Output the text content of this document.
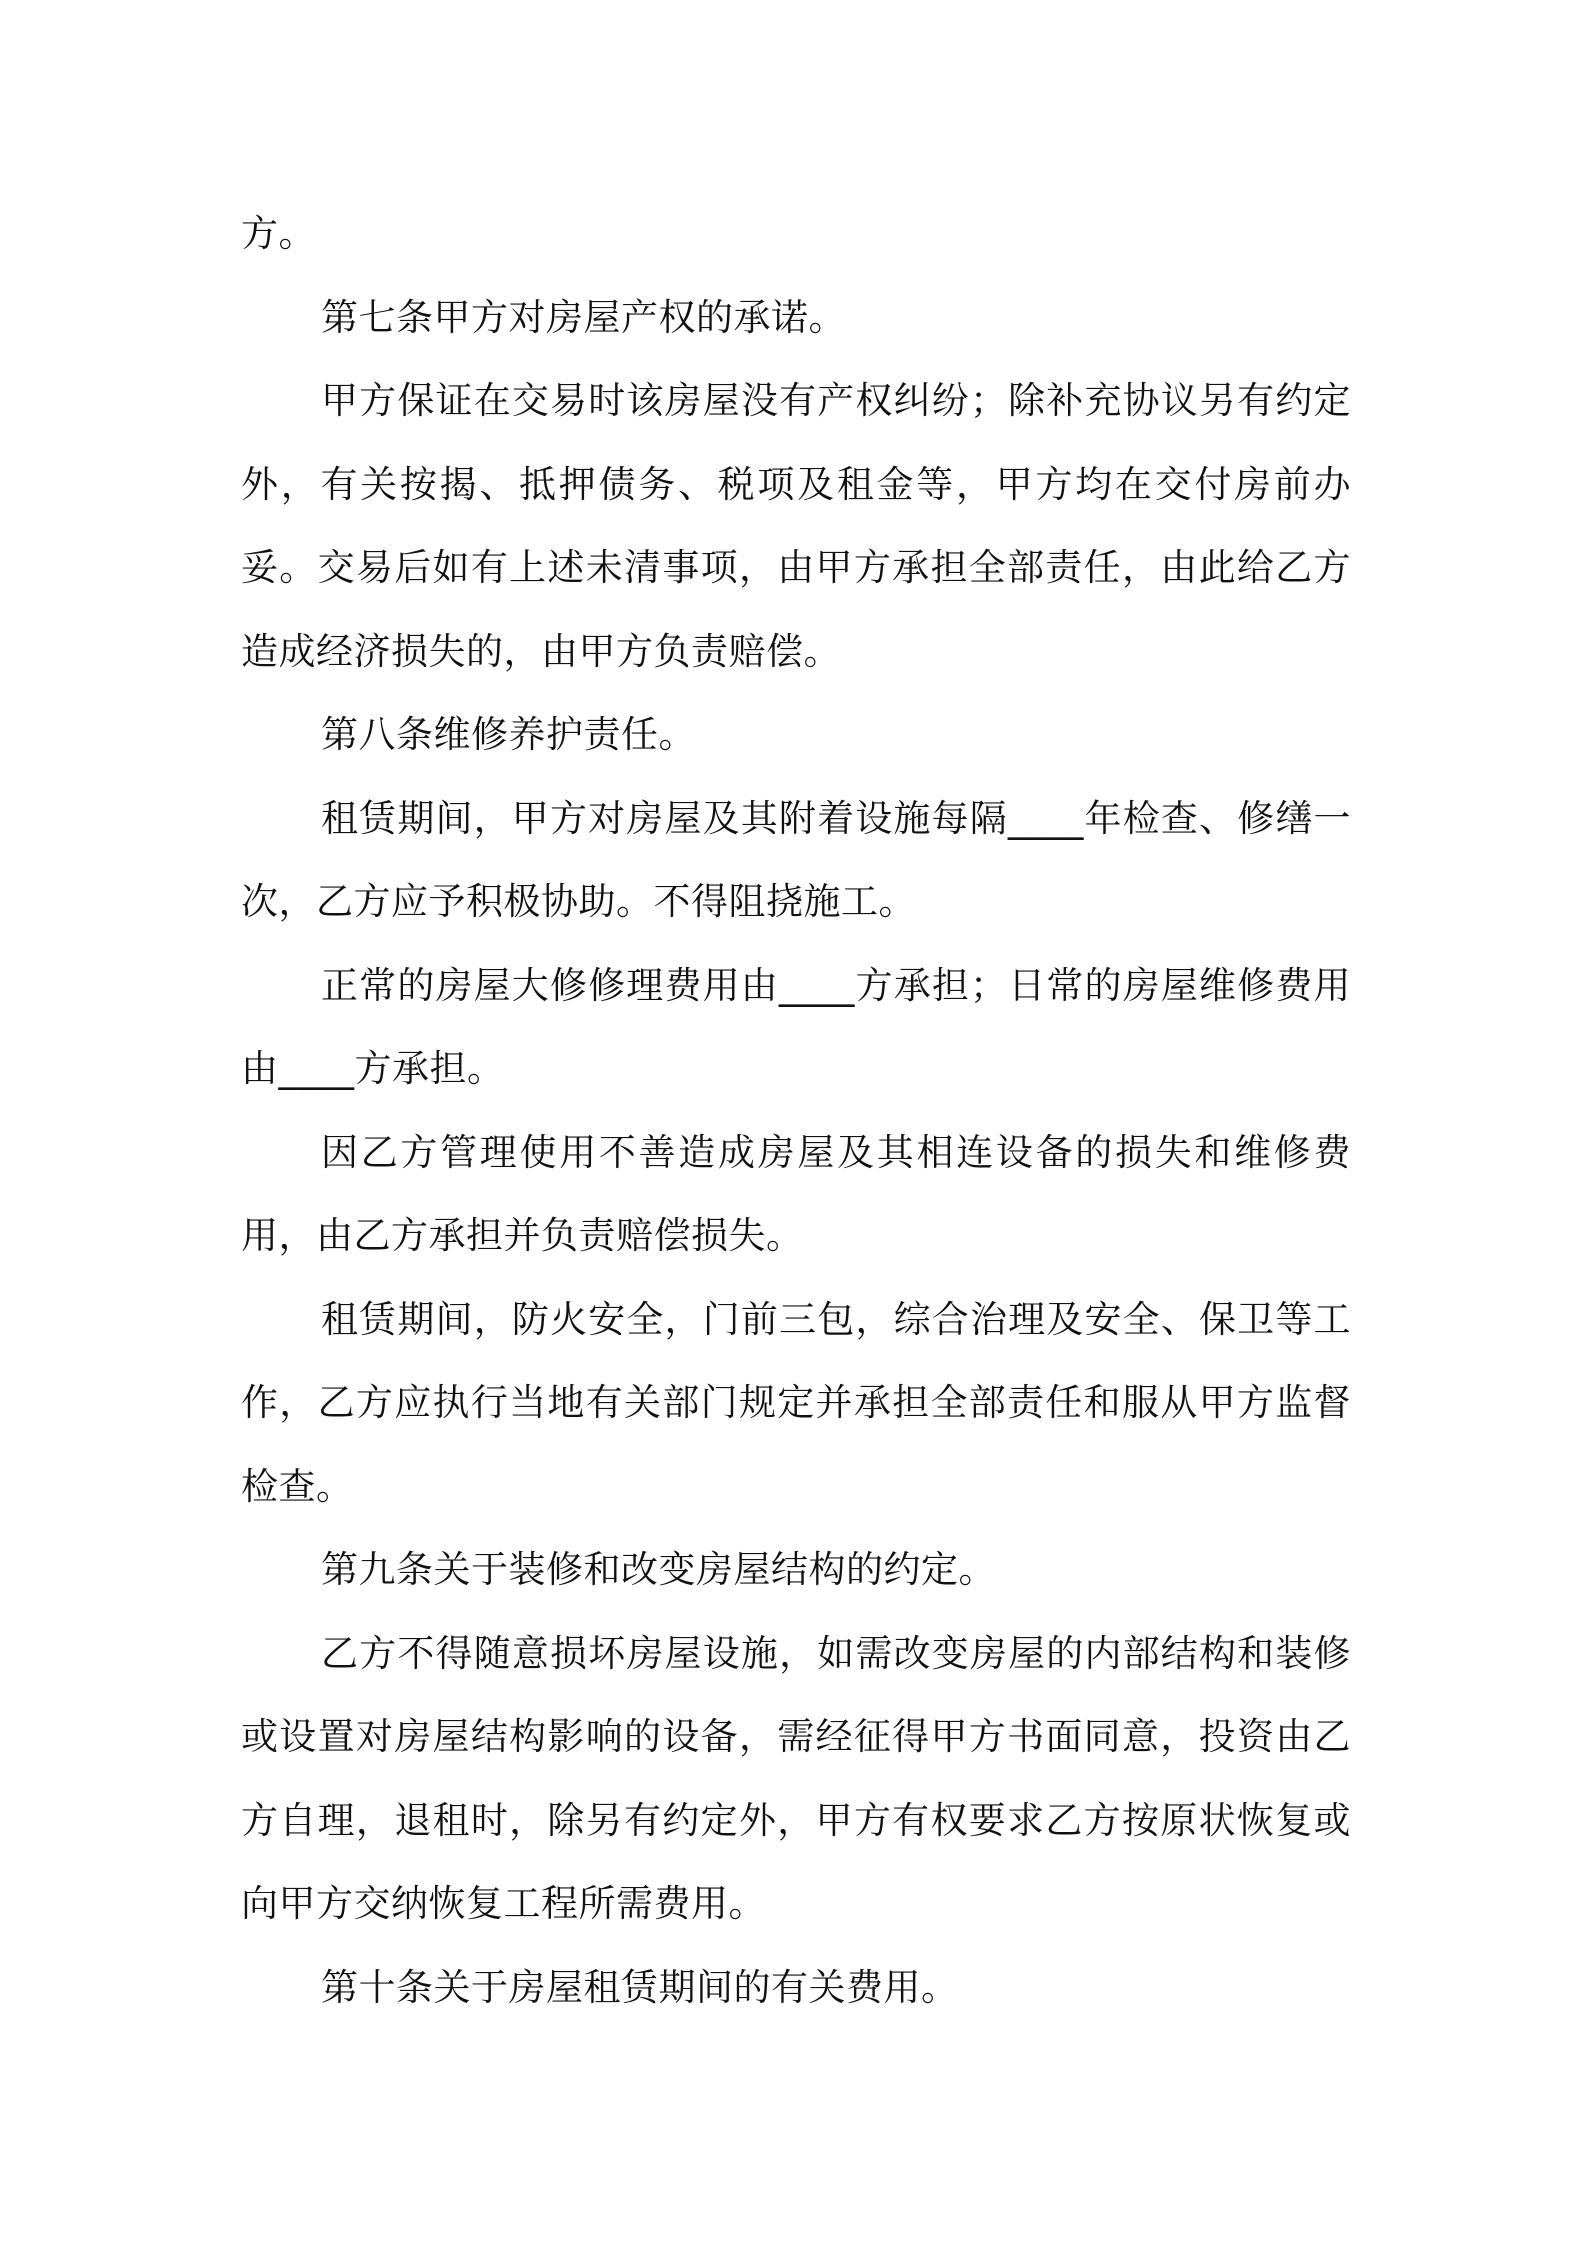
方。

第七条甲方对房屋产权的承诺。

甲方保证在交易时该房屋没有产权纠纷；除补充协议另有约定外，有关按揭、抵押债务、税项及租金等，甲方均在交付房前办妥。交易后如有上述未清事项，由甲方承担全部责任，由此给乙方造成经济损失的，由甲方负责赔偿。

第八条维修养护责任。

租赁期间，甲方对房屋及其附着设施每隔____年检查、修缮一次，乙方应予积极协助。不得阻挠施工。

正常的房屋大修修理费用由____方承担；日常的房屋维修费用由____方承担。

因乙方管理使用不善造成房屋及其相连设备的损失和维修费用，由乙方承担并负责赔偿损失。

租赁期间，防火安全，门前三包，综合治理及安全、保卫等工作，乙方应执行当地有关部门规定并承担全部责任和服从甲方监督检查。

第九条关于装修和改变房屋结构的约定。

乙方不得随意损坏房屋设施，如需改变房屋的内部结构和装修或设置对房屋结构影响的设备，需经征得甲方书面同意，投资由乙方自理，退租时，除另有约定外，甲方有权要求乙方按原状恢复或向甲方交纳恢复工程所需费用。

第十条关于房屋租赁期间的有关费用。
